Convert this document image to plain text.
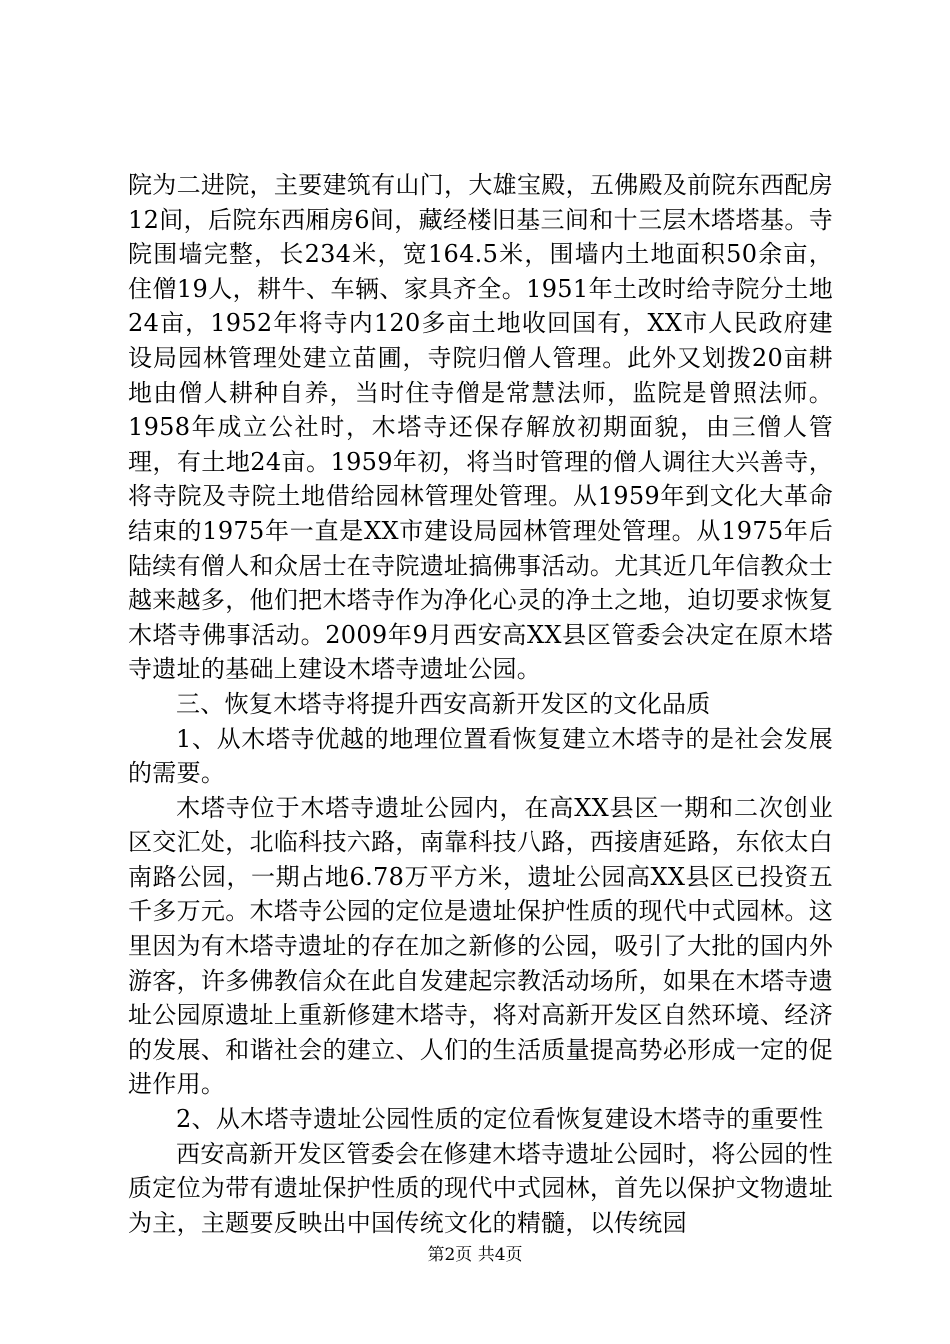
院为二进院，主要建筑有山门，大雄宝殿，五佛殿及前院东西配房12间，后院东西厢房6间，藏经楼旧基三间和十三层木塔塔基。寺院围墙完整，长234米，宽164.5米，围墙内土地面积50余亩，住僧19人，耕牛、车辆、家具齐全。1951年土改时给寺院分土地24亩，1952年将寺内120多亩土地收回国有，XX市人民政府建设局园林管理处建立苗圃，寺院归僧人管理。此外又划拨20亩耕地由僧人耕种自养，当时住寺僧是常慧法师，监院是曾照法师。1958年成立公社时，木塔寺还保存解放初期面貌，由三僧人管理，有土地24亩。1959年初，将当时管理的僧人调往大兴善寺，将寺院及寺院土地借给园林管理处管理。从1959年到文化大革命结束的1975年一直是XX市建设局园林管理处管理。从1975年后陆续有僧人和众居士在寺院遗址搞佛事活动。尤其近几年信教众士越来越多，他们把木塔寺作为净化心灵的净土之地，迫切要求恢复木塔寺佛事活动。2009年9月西安高XX县区管委会决定在原木塔寺遗址的基础上建设木塔寺遗址公园。

三、恢复木塔寺将提升西安高新开发区的文化品质

1、从木塔寺优越的地理位置看恢复建立木塔寺的是社会发展的需要。

木塔寺位于木塔寺遗址公园内，在高XX县区一期和二次创业区交汇处，北临科技六路，南靠科技八路，西接唐延路，东依太白南路公园，一期占地6.78万平方米，遗址公园高XX县区已投资五千多万元。木塔寺公园的定位是遗址保护性质的现代中式园林。这里因为有木塔寺遗址的存在加之新修的公园，吸引了大批的国内外游客，许多佛教信众在此自发建起宗教活动场所，如果在木塔寺遗址公园原遗址上重新修建木塔寺，将对高新开发区自然环境、经济的发展、和谐社会的建立、人们的生活质量提高势必形成一定的促进作用。

2、从木塔寺遗址公园性质的定位看恢复建设木塔寺的重要性

西安高新开发区管委会在修建木塔寺遗址公园时，将公园的性质定位为带有遗址保护性质的现代中式园林，首先以保护文物遗址为主，主题要反映出中国传统文化的精髓，以传统园

第2页 共4页
